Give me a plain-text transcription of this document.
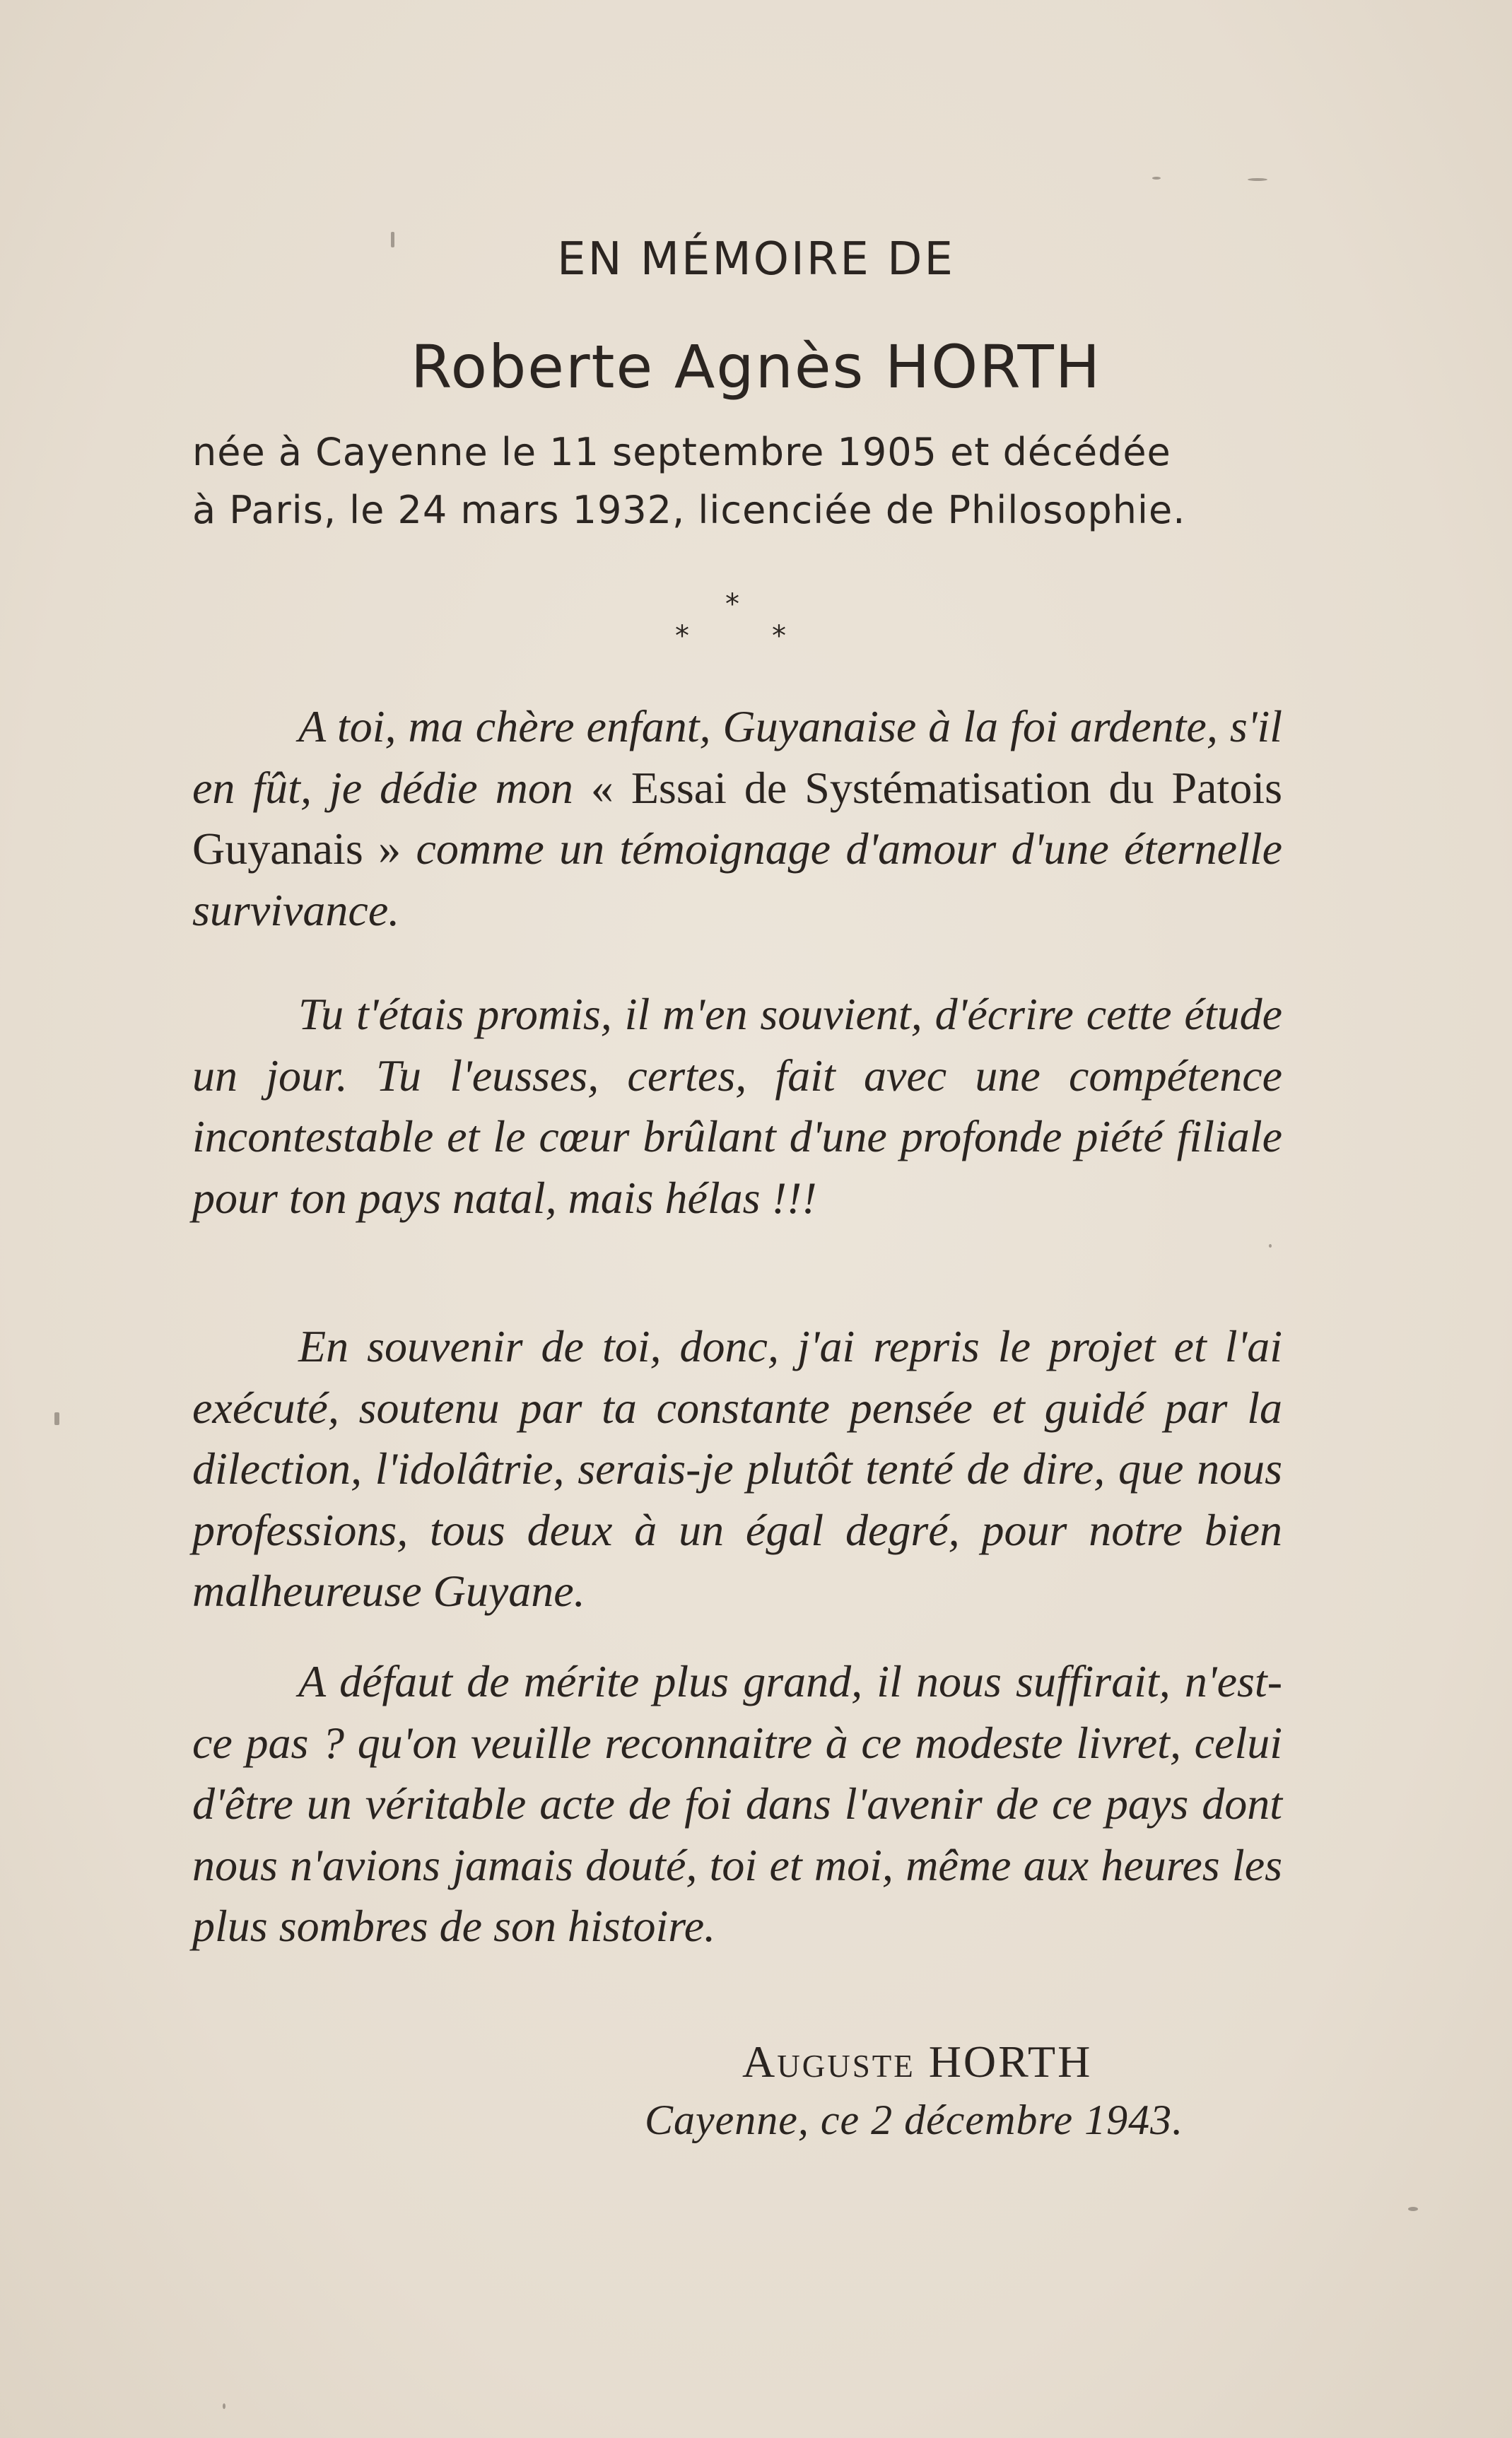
EN MÉMOIRE DE
Roberte Agnès HORTH
née à Cayenne le 11 septembre 1905 et décédée
à Paris, le 24 mars 1932, licenciée de Philosophie.
*
*	*
A toi, ma chère enfant, Guyanaise à la foi ardente, s'il en fût, je dédie mon « Essai de Systématisation du Patois Guyanais » comme un témoignage d'amour d'une éternelle survivance.
Tu t'étais promis, il m'en souvient, d'écrire cette étude un jour. Tu l'eusses, certes, fait avec une compétence incontestable et le cœur brûlant d'une profonde piété filiale pour ton pays natal, mais hélas !!!
En souvenir de toi, donc, j'ai repris le projet et l'ai exécuté, soutenu par ta constante pensée et guidé par la dilection, l'idolâtrie, serais-je plutôt tenté de dire, que nous professions, tous deux à un égal degré, pour notre bien malheureuse Guyane.
A défaut de mérite plus grand, il nous suffirait, n'est-ce pas ? qu'on veuille reconnaitre à ce modeste livret, celui d'être un véritable acte de foi dans l'avenir de ce pays dont nous n'avions jamais douté, toi et moi, même aux heures les plus sombres de son histoire.
Auguste HORTH
Cayenne, ce 2 décembre 1943.
